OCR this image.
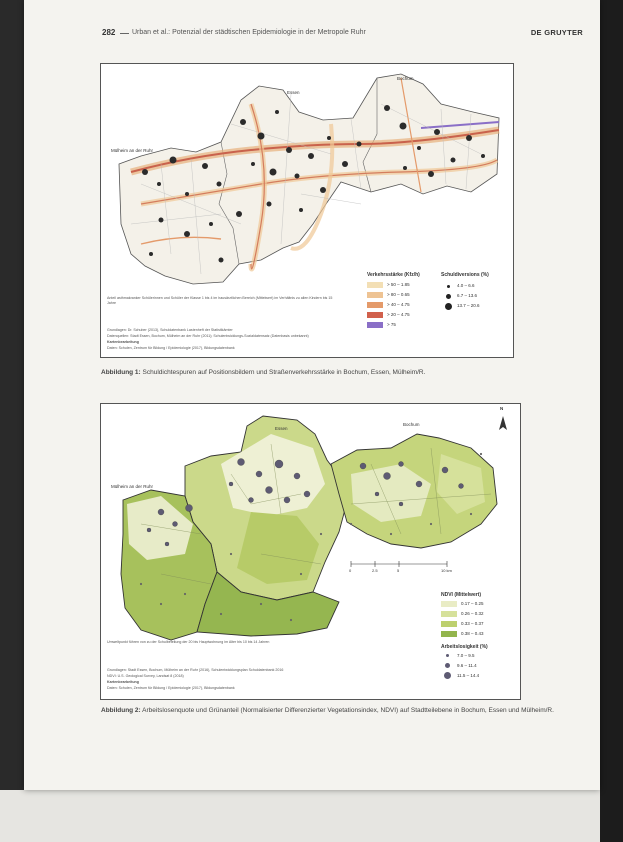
282 Urban et al.: Potenzial der städtischen Epidemiologie in der Metropole Ruhr	DE GRUYTER
Essen
Bochum
Mülheim an der Ruhr
Verkehrsstärke (Kfz/h)
> 50 – 1.85
> 80 – 0.65
> 40 – 4.75
> 20 – 4.75
> 75
Schuldiversions (%)
4.0 – 6.6
6.7 – 13.6
13.7 – 20.6
Anteil asthmakranker Schülerinnen und Schüler der Klasse 1 bis 4 im hausärztlichen Bereich (Mittelwert) im Verhältnis zu allen Kindern bis 15 Jahre
Grundlagen: Dr. Schuber (2013), Schuldatenbank Lastenheft der Statistikämter
Datenquellen: Stadt Essen, Bochum, Mülheim an der Ruhr (2011); Schulentwicklungs-Sozialdatensatz (Datenbasis unbekannt)
Kartenbearbeitung
Daten: Schulen, Zentrum für Bildung / Epidemiologie (2017), Bildungsdatenbank
Abbildung 1: Schuldichtespuren auf Positionsbildern und Straßenverkehrsstärke in Bochum, Essen, Mülheim/R.
Essen
Bochum
Mülheim an der Ruhr
N
0	2.5	5	10 km
NDVI (Mittelwert)
0.17 – 0.25
0.26 – 0.32
0.33 – 0.37
0.38 – 0.43
Arbeitslosigkeit (%)
7.0 – 9.5
9.6 – 11.4
11.5 – 14.4
Umweltpunkt führen von zu der Schulbeteilung der 20 bis Hauptwohnung im Alter bis 10 bis 14 Jahren
Grundlagen: Stadt Essen, Bochum, Mülheim an der Ruhr (2016), Schulentwicklungsplan Schuldatenbank 2016
NDVI: U.S. Geological Survey, Landsat 8 (2018)
Kartenbearbeitung
Daten: Schulen, Zentrum für Bildung / Epidemiologie (2017), Bildungsdatenbank
Abbildung 2: Arbeitslosenquote und Grünanteil (Normalisierter Differenzierter Vegetationsindex, NDVI) auf Stadtteilebene in Bochum, Essen und Mülheim/R.
